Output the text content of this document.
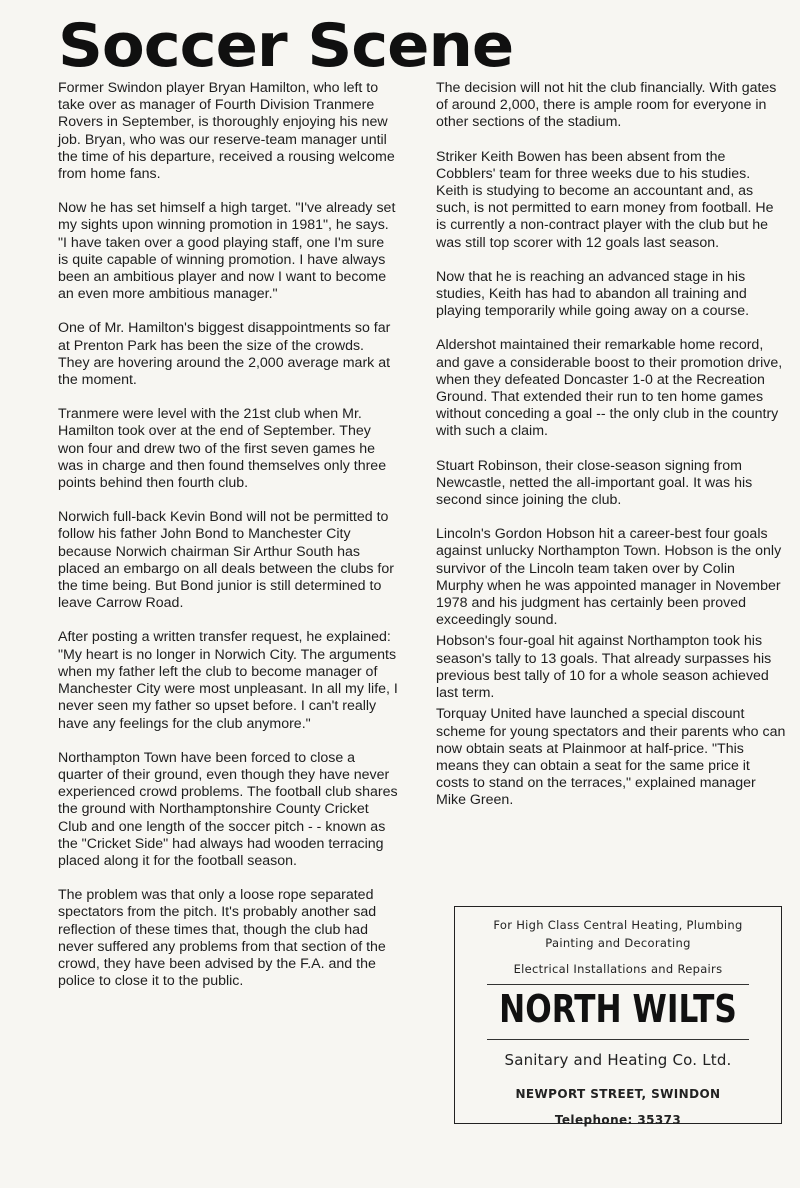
Soccer Scene

Former Swindon player Bryan Hamilton, who left to take over as manager of Fourth Division Tranmere Rovers in September, is thoroughly enjoying his new job. Bryan, who was our reserve-team manager until the time of his departure, received a rousing welcome from home fans.

Now he has set himself a high target. "I've already set my sights upon winning promotion in 1981", he says. "I have taken over a good playing staff, one I'm sure is quite capable of winning promotion. I have always been an ambitious player and now I want to become an even more ambitious manager."

One of Mr. Hamilton's biggest disappointments so far at Prenton Park has been the size of the crowds. They are hovering around the 2,000 average mark at the moment.

Tranmere were level with the 21st club when Mr. Hamilton took over at the end of September. They won four and drew two of the first seven games he was in charge and then found themselves only three points behind then fourth club.

Norwich full-back Kevin Bond will not be permitted to follow his father John Bond to Manchester City because Norwich chairman Sir Arthur South has placed an embargo on all deals between the clubs for the time being. But Bond junior is still determined to leave Carrow Road.

After posting a written transfer request, he explained: "My heart is no longer in Norwich City. The arguments when my father left the club to become manager of Manchester City were most unpleasant. In all my life, I never seen my father so upset before. I can't really have any feelings for the club anymore."

Northampton Town have been forced to close a quarter of their ground, even though they have never experienced crowd problems. The football club shares the ground with Northamptonshire County Cricket Club and one length of the soccer pitch - - known as the "Cricket Side" had always had wooden terracing placed along it for the football season.

The problem was that only a loose rope separated spectators from the pitch. It's probably another sad reflection of these times that, though the club had never suffered any problems from that section of the crowd, they have been advised by the F.A. and the police to close it to the public.

The decision will not hit the club financially. With gates of around 2,000, there is ample room for everyone in other sections of the stadium.

Striker Keith Bowen has been absent from the Cobblers' team for three weeks due to his studies. Keith is studying to become an accountant and, as such, is not permitted to earn money from football. He is currently a non-contract player with the club but he was still top scorer with 12 goals last season.

Now that he is reaching an advanced stage in his studies, Keith has had to abandon all training and playing temporarily while going away on a course.

Aldershot maintained their remarkable home record, and gave a considerable boost to their promotion drive, when they defeated Doncaster 1-0 at the Recreation Ground. That extended their run to ten home games without conceding a goal -- the only club in the country with such a claim.

Stuart Robinson, their close-season signing from Newcastle, netted the all-important goal. It was his second since joining the club.

Lincoln's Gordon Hobson hit a career-best four goals against unlucky Northampton Town. Hobson is the only survivor of the Lincoln team taken over by Colin Murphy when he was appointed manager in November 1978 and his judgment has certainly been proved exceedingly sound.

Hobson's four-goal hit against Northampton took his season's tally to 13 goals. That already surpasses his previous best tally of 10 for a whole season achieved last term.

Torquay United have launched a special discount scheme for young spectators and their parents who can now obtain seats at Plainmoor at half-price. "This means they can obtain a seat for the same price it costs to stand on the terraces," explained manager Mike Green.

For High Class Central Heating, Plumbing
Painting and Decorating
Electrical Installations and Repairs
NORTH WILTS
Sanitary and Heating Co. Ltd.
NEWPORT STREET, SWINDON
Telephone: 35373
